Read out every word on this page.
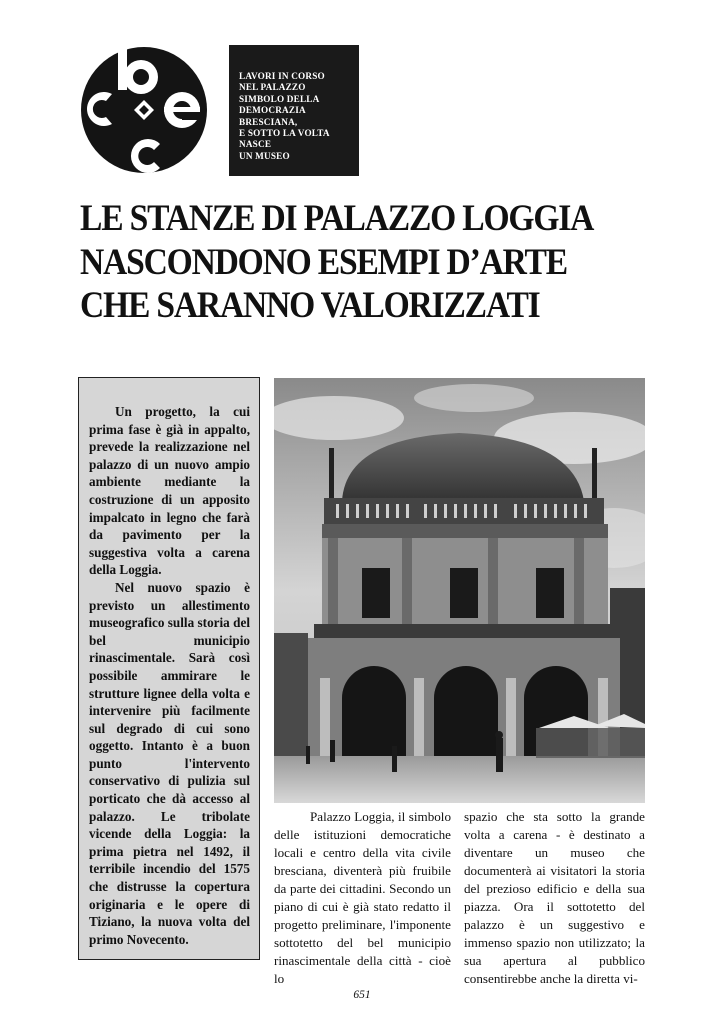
LAVORI IN CORSO
NEL PALAZZO
SIMBOLO DELLA
DEMOCRAZIA
BRESCIANA,
E SOTTO LA VOLTA
NASCE
UN MUSEO
LE STANZE DI PALAZZO LOGGIA
NASCONDONO ESEMPI D’ARTE
CHE SARANNO VALORIZZATI

Un progetto, la cui prima fase è già in appalto, prevede la realizzazione nel palazzo di un nuovo ampio ambiente mediante la costruzione di un apposito impalcato in legno che farà da pavimento per la suggestiva volta a carena della Loggia.

Nel nuovo spazio è previsto un allestimento museografico sulla storia del bel municipio rinascimentale. Sarà così possibile ammirare le strutture lignee della volta e intervenire più facilmente sul degrado di cui sono oggetto. Intanto è a buon punto l'intervento conservativo di pulizia sul porticato che dà accesso al palazzo. Le tribolate vicende della Loggia: la prima pietra nel 1492, il terribile incendio del 1575 che distrusse la copertura originaria e le opere di Tiziano, la nuova volta del primo Novecento.

Palazzo Loggia, il simbolo delle istituzioni democratiche locali e centro della vita civile bresciana, diventerà più fruibile da parte dei cittadini. Secondo un piano di cui è già stato redatto il progetto preliminare, l'imponente sottotetto del bel municipio rinascimentale della città - cioè lo

spazio che sta sotto la grande volta a carena - è destinato a diventare un museo che documenterà ai visitatori la storia del prezioso edificio e della sua piazza. Ora il sottotetto del palazzo è un suggestivo e immenso spazio non utilizzato; la sua apertura al pubblico consentirebbe anche la diretta vi-

651
